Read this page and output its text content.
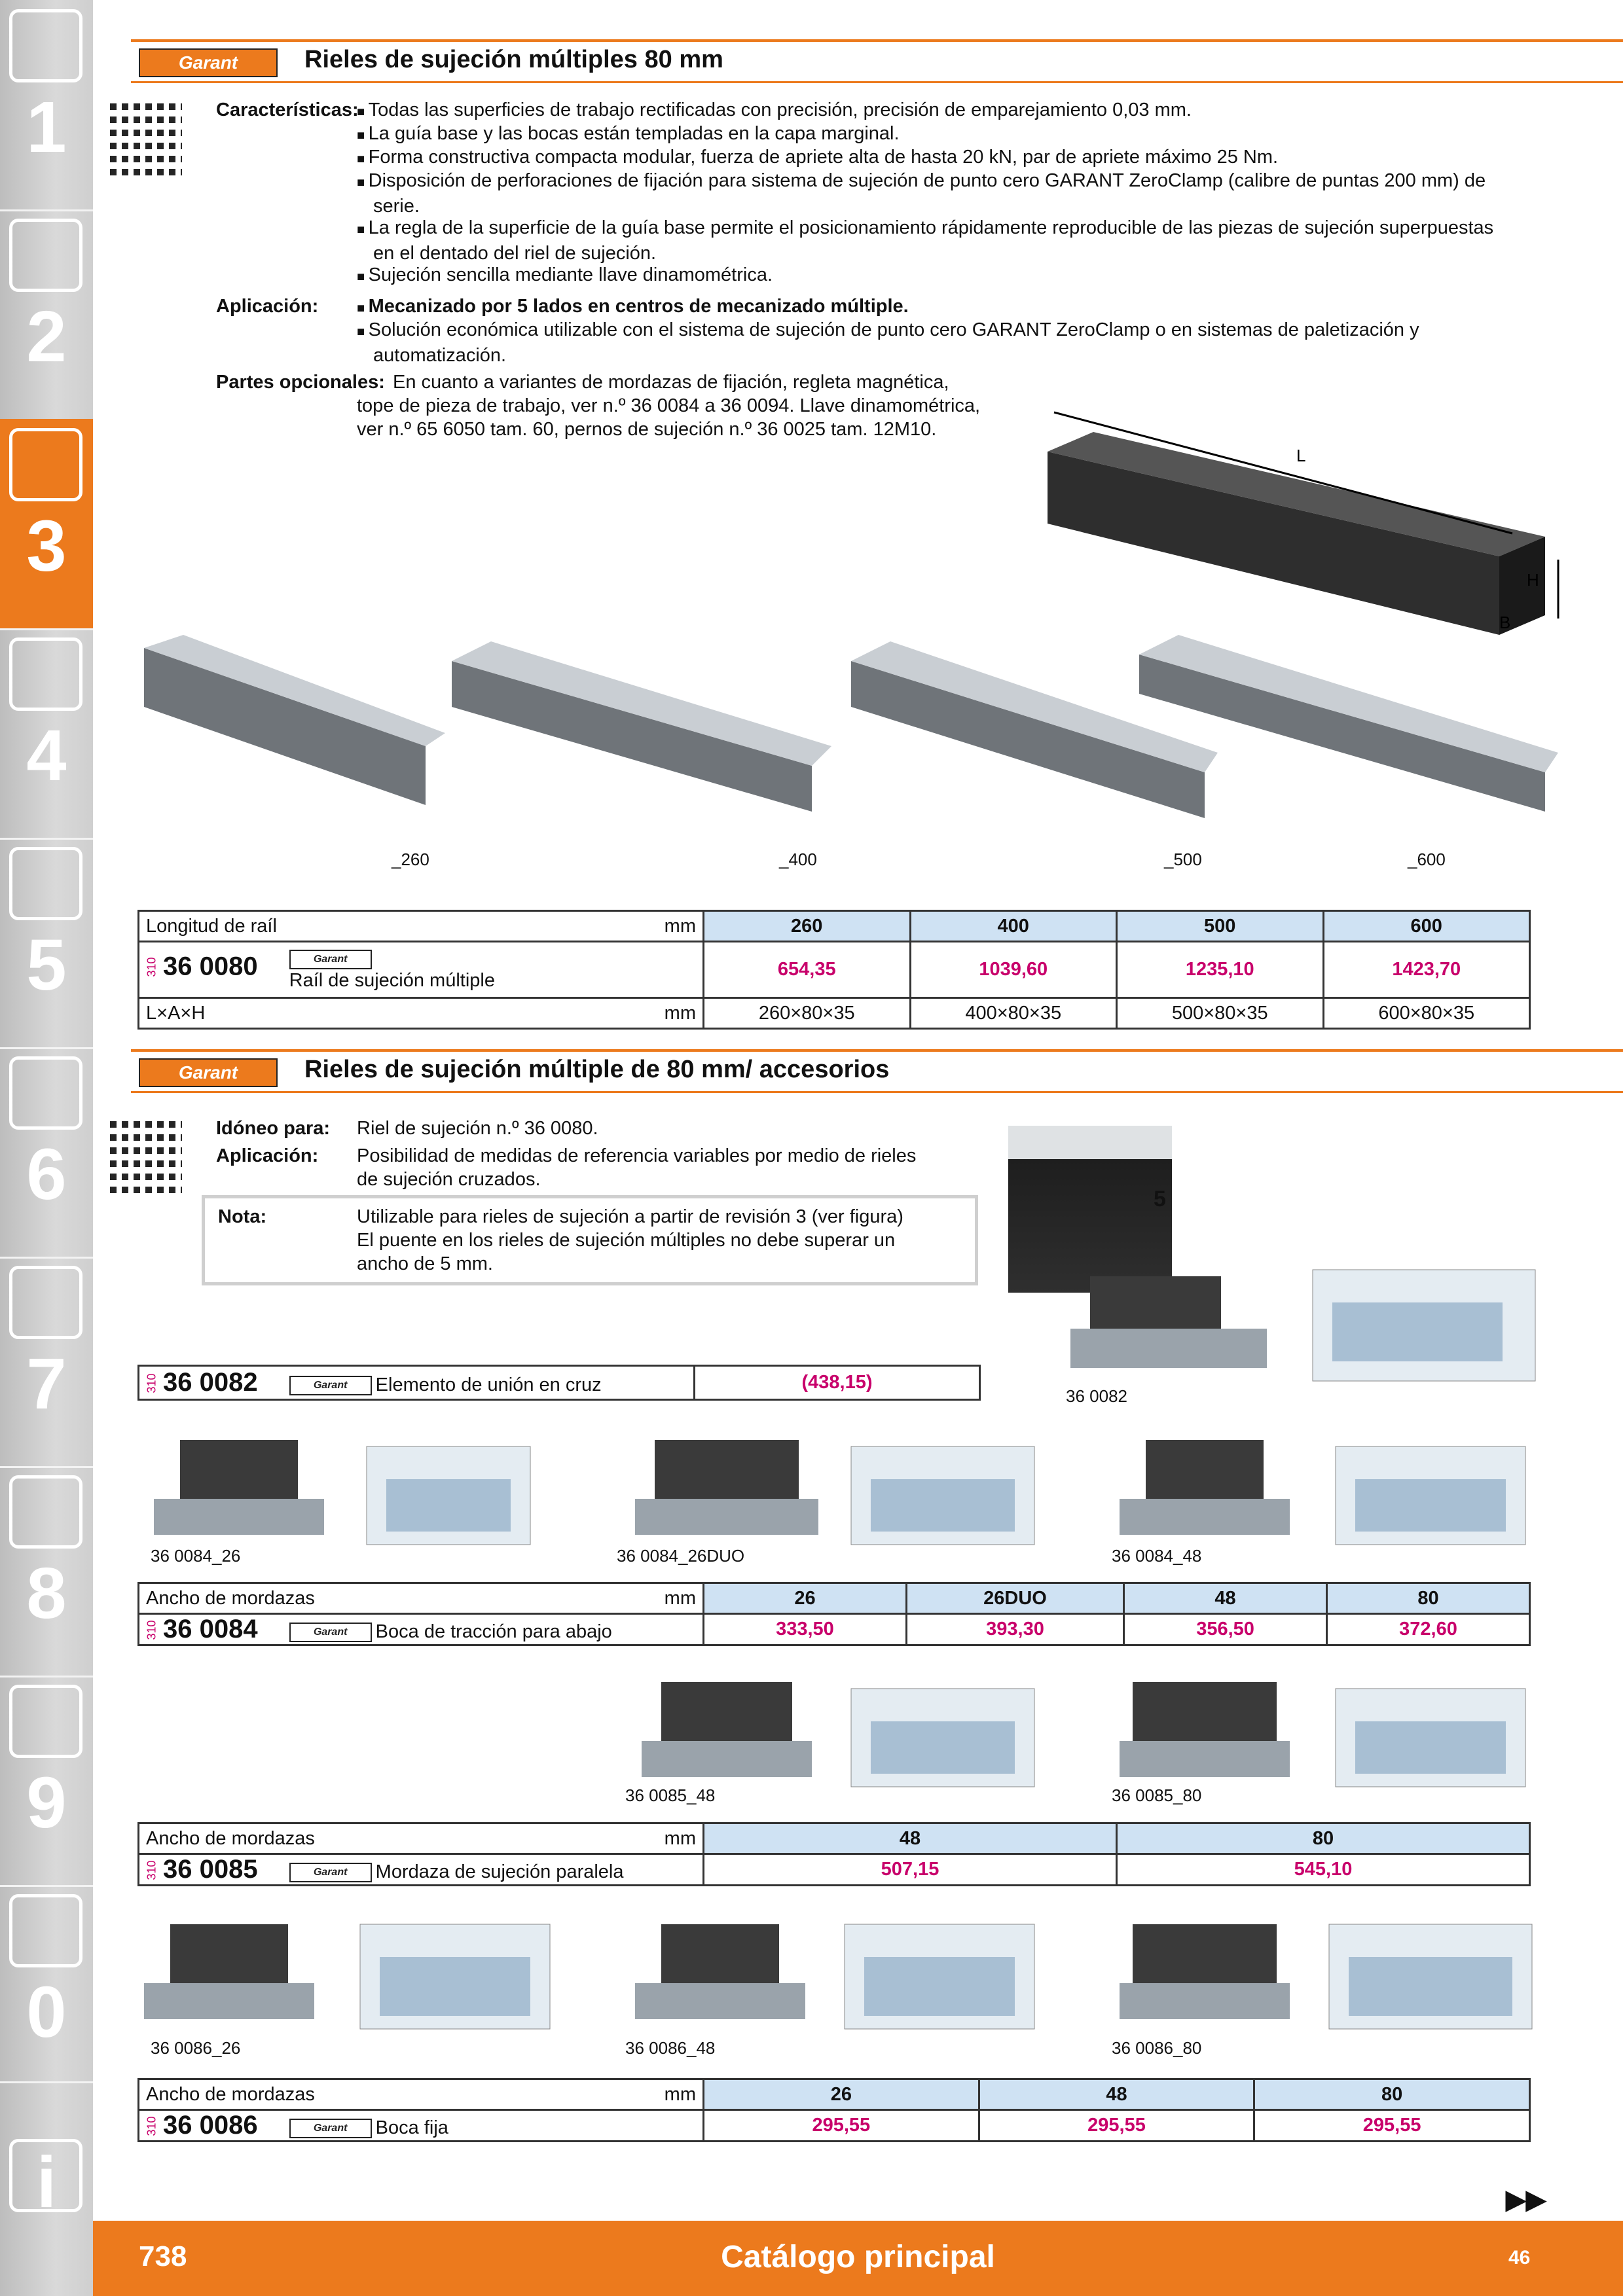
1
2
3
4
5
6
7
8
9
0
i
Garant	Rieles de sujeción múltiples 80 mm
Características: ■ Todas las superficies de trabajo rectificadas con precisión, precisión de emparejamiento 0,03 mm.
■ La guía base y las bocas están templadas en la capa marginal.
■ Forma constructiva compacta modular, fuerza de apriete alta de hasta 20 kN, par de apriete máximo 25 Nm.
■ Disposición de perforaciones de fijación para sistema de sujeción de punto cero GARANT ZeroClamp (calibre de puntas 200 mm) de serie.
■ La regla de la superficie de la guía base permite el posicionamiento rápidamente reproducible de las piezas de sujeción superpuestas en el dentado del riel de sujeción.
■ Sujeción sencilla mediante llave dinamométrica.
Aplicación:	■ Mecanizado por 5 lados en centros de mecanizado múltiple.
■ Solución económica utilizable con el sistema de sujeción de punto cero GARANT ZeroClamp o en sistemas de paletización y automatización.
Partes opcionales: En cuanto a variantes de mordazas de fijación, regleta magnética,
tope de pieza de trabajo, ver n.º 36 0084 a 36 0094. Llave dinamométrica,
ver n.º 65 6050 tam. 60, pernos de sujeción n.º 36 0025 tam. 12M10.
L
H
B
_260	_400	_500	_600
Longitud de raíl mm	260	400	500	600
310 36 0080 Garant
Raíl de sujeción múltiple	654,35	1039,60	1235,10	1423,70
L×A×H mm	260×80×35	400×80×35	500×80×35	600×80×35
Garant	Rieles de sujeción múltiple de 80 mm/ accesorios
Idóneo para: Riel de sujeción n.º 36 0080.
Aplicación: Posibilidad de medidas de referencia variables por medio de rieles
de sujeción cruzados.
Nota:	Utilizable para rieles de sujeción a partir de revisión 3 (ver figura)
El puente en los rieles de sujeción múltiples no debe superar un
ancho de 5 mm.
5
36 0082
310 36 0082	Garant Elemento de unión en cruz	(438,15)
36 0084_26	36 0084_26DUO	36 0084_48
Ancho de mordazas mm	26	26DUO	48	80
310 36 0084 Garant Boca de tracción para abajo	333,50	393,30	356,50	372,60
36 0085_48	36 0085_80
Ancho de mordazas mm	48	80
310 36 0085 Garant Mordaza de sujeción paralela	507,15	545,10
36 0086_26	36 0086_48	36 0086_80
Ancho de mordazas mm	26	48	80
310 36 0086 Garant Boca fija	295,55	295,55	295,55
▶▶
738	Catálogo principal	46
